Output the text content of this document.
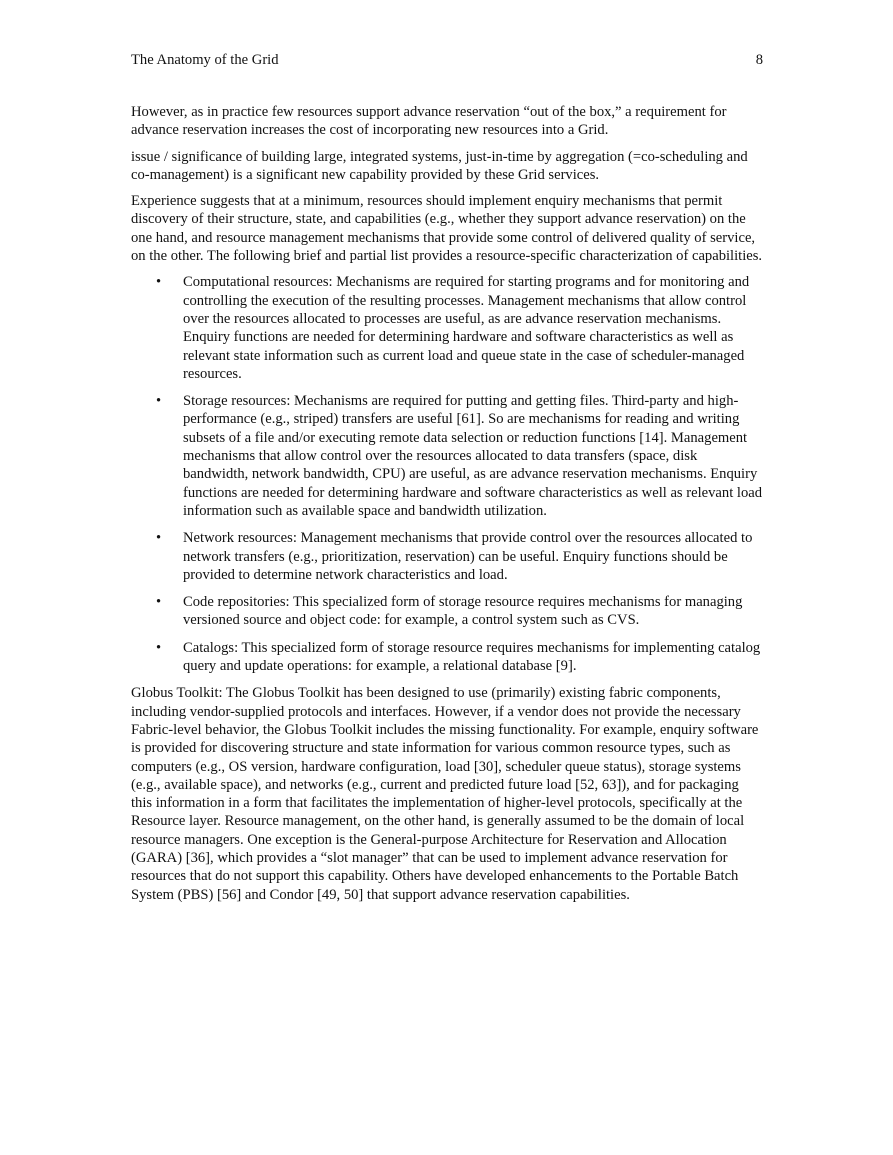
The Anatomy of the Grid	8

However, as in practice few resources support advance reservation “out of the box,” a requirement for advance reservation increases the cost of incorporating new resources into a Grid.

issue / significance of building large, integrated systems, just-in-time by aggregation (=co-scheduling and co-management) is a significant new capability provided by these Grid services.

Experience suggests that at a minimum, resources should implement enquiry mechanisms that permit discovery of their structure, state, and capabilities (e.g., whether they support advance reservation) on the one hand, and resource management mechanisms that provide some control of delivered quality of service, on the other. The following brief and partial list provides a resource-specific characterization of capabilities.

• Computational resources: Mechanisms are required for starting programs and for monitoring and controlling the execution of the resulting processes. Management mechanisms that allow control over the resources allocated to processes are useful, as are advance reservation mechanisms. Enquiry functions are needed for determining hardware and software characteristics as well as relevant state information such as current load and queue state in the case of scheduler-managed resources.
• Storage resources: Mechanisms are required for putting and getting files. Third-party and high-performance (e.g., striped) transfers are useful [61]. So are mechanisms for reading and writing subsets of a file and/or executing remote data selection or reduction functions [14]. Management mechanisms that allow control over the resources allocated to data transfers (space, disk bandwidth, network bandwidth, CPU) are useful, as are advance reservation mechanisms. Enquiry functions are needed for determining hardware and software characteristics as well as relevant load information such as available space and bandwidth utilization.
• Network resources: Management mechanisms that provide control over the resources allocated to network transfers (e.g., prioritization, reservation) can be useful. Enquiry functions should be provided to determine network characteristics and load.
• Code repositories: This specialized form of storage resource requires mechanisms for managing versioned source and object code: for example, a control system such as CVS.
• Catalogs: This specialized form of storage resource requires mechanisms for implementing catalog query and update operations: for example, a relational database [9].

Globus Toolkit: The Globus Toolkit has been designed to use (primarily) existing fabric components, including vendor-supplied protocols and interfaces. However, if a vendor does not provide the necessary Fabric-level behavior, the Globus Toolkit includes the missing functionality. For example, enquiry software is provided for discovering structure and state information for various common resource types, such as computers (e.g., OS version, hardware configuration, load [30], scheduler queue status), storage systems (e.g., available space), and networks (e.g., current and predicted future load [52, 63]), and for packaging this information in a form that facilitates the implementation of higher-level protocols, specifically at the Resource layer. Resource management, on the other hand, is generally assumed to be the domain of local resource managers. One exception is the General-purpose Architecture for Reservation and Allocation (GARA) [36], which provides a “slot manager” that can be used to implement advance reservation for resources that do not support this capability. Others have developed enhancements to the Portable Batch System (PBS) [56] and Condor [49, 50] that support advance reservation capabilities.
